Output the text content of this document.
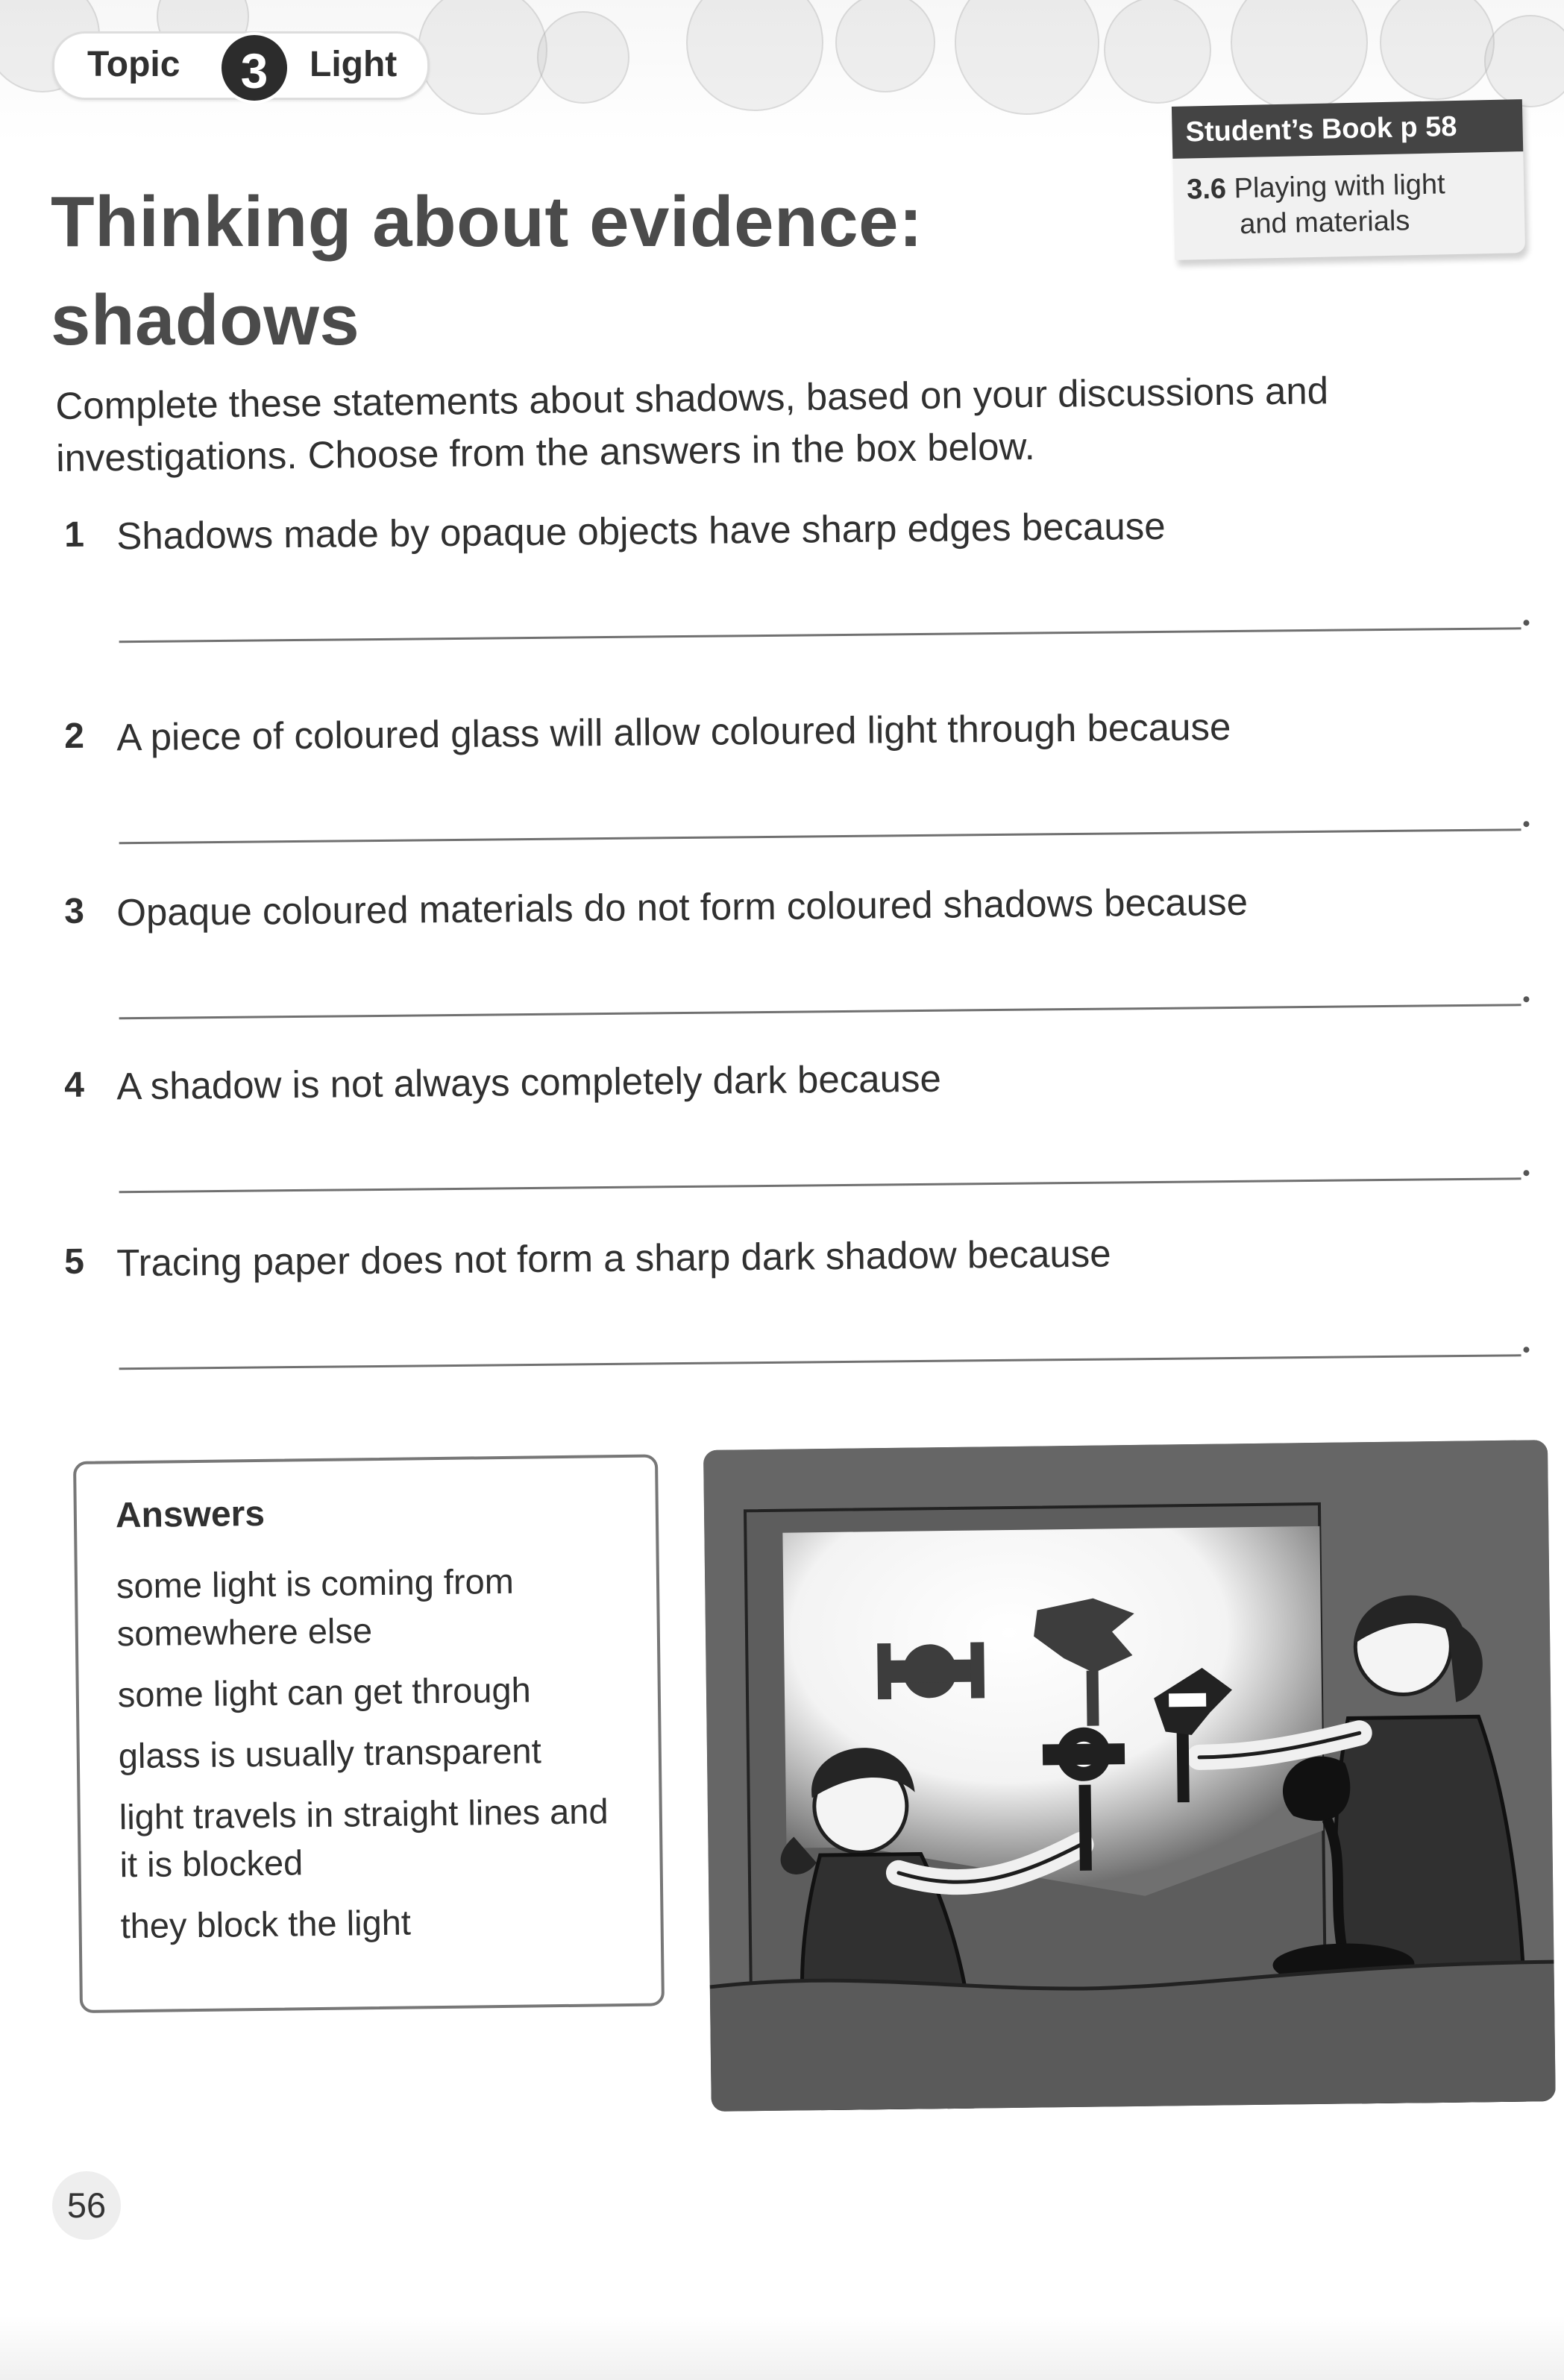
Topic	3	Light
Student’s Book p 58
3.6 Playing with light
and materials
Thinking about evidence:
shadows

Complete these statements about shadows, based on your discussions and investigations. Choose from the answers in the box below.

1 Shadows made by opaque objects have sharp edges because
2 A piece of coloured glass will allow coloured light through because
3 Opaque coloured materials do not form coloured shadows because
4 A shadow is not always completely dark because
5 Tracing paper does not form a sharp dark shadow because
Answers
some light is coming from somewhere else
some light can get through
glass is usually transparent
light travels in straight lines and it is blocked
they block the light
56
